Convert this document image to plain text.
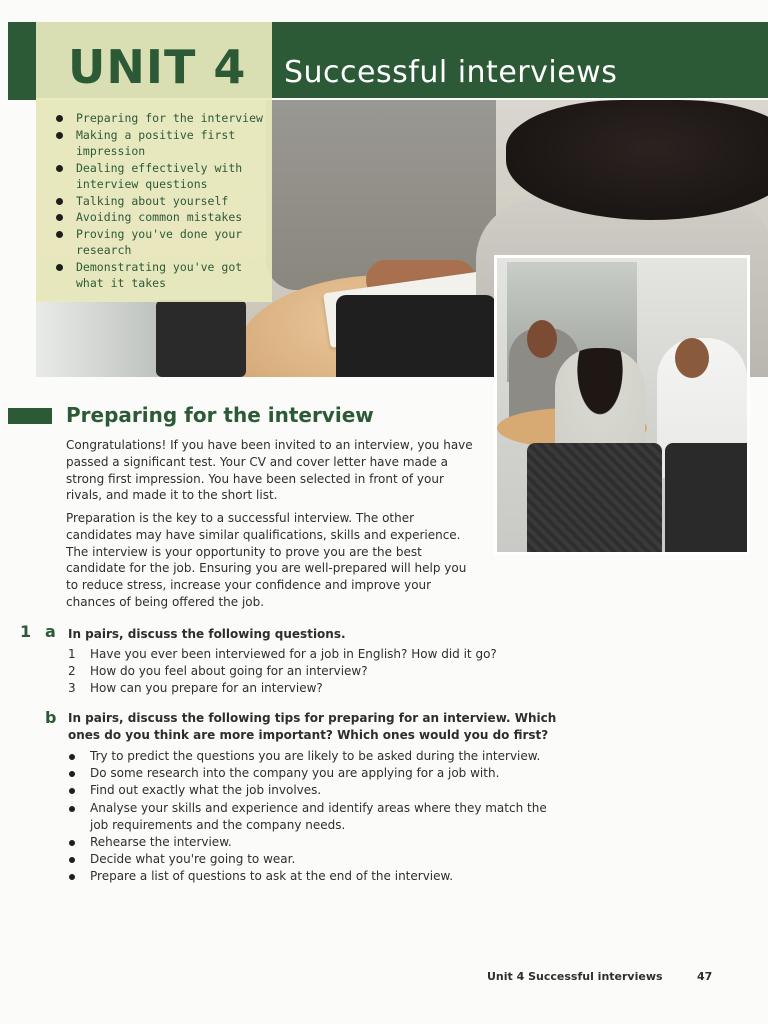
UNIT 4 Successful interviews
Preparing for the interview
Making a positive first impression
Dealing effectively with interview questions
Talking about yourself
Avoiding common mistakes
Proving you've done your research
Demonstrating you've got what it takes
Preparing for the interview

Congratulations! If you have been invited to an interview, you have passed a significant test. Your CV and cover letter have made a strong first impression. You have been selected in front of your rivals, and made it to the short list.

Preparation is the key to a successful interview. The other candidates may have similar qualifications, skills and experience. The interview is your opportunity to prove you are the best candidate for the job. Ensuring you are well-prepared will help you to reduce stress, increase your confidence and improve your chances of being offered the job.

1 a In pairs, discuss the following questions.
1	Have you ever been interviewed for a job in English? How did it go?
2	How do you feel about going for an interview?
3	How can you prepare for an interview?
b In pairs, discuss the following tips for preparing for an interview. Which ones do you think are more important? Which ones would you do first?
Try to predict the questions you are likely to be asked during the interview.
Do some research into the company you are applying for a job with.
Find out exactly what the job involves.
Analyse your skills and experience and identify areas where they match the job requirements and the company needs.
Rehearse the interview.
Decide what you're going to wear.
Prepare a list of questions to ask at the end of the interview.
Unit 4 Successful interviews	47
